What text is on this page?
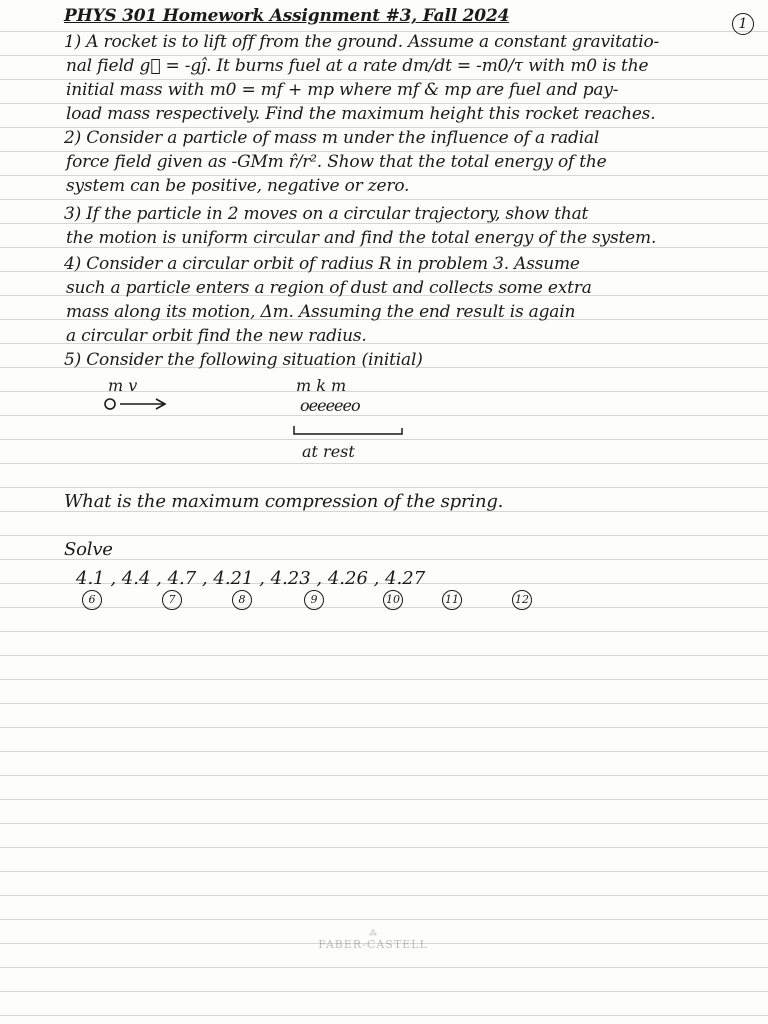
1
PHYS 301 Homework Assignment #3, Fall 2024
1) A rocket is to lift off from the ground. Assume a constant gravitatio-
nal field g⃗ = -gĵ. It burns fuel at a rate dm/dt = -m0/τ with m0 is the
initial mass with m0 = mf + mp where mf & mp are fuel and pay-
load mass respectively. Find the maximum height this rocket reaches.
2) Consider a particle of mass m under the influence of a radial
force field given as -GMm r̂/r². Show that the total energy of the
system can be positive, negative or zero.
3) If the particle in 2 moves on a circular trajectory, show that
the motion is uniform circular and find the total energy of the system.
4) Consider a circular orbit of radius R in problem 3. Assume
such a particle enters a region of dust and collects some extra
mass along its motion, Δm. Assuming the end result is again
a circular orbit find the new radius.
5) Consider the following situation (initial)
m v	m k m
oeeeeeo
at rest
What is the maximum compression of the spring.
Solve
4.1 , 4.4 , 4.7 , 4.21 , 4.23 , 4.26 , 4.27
6	7	8	9	10	11	12
⁂
FABER-CASTELL
